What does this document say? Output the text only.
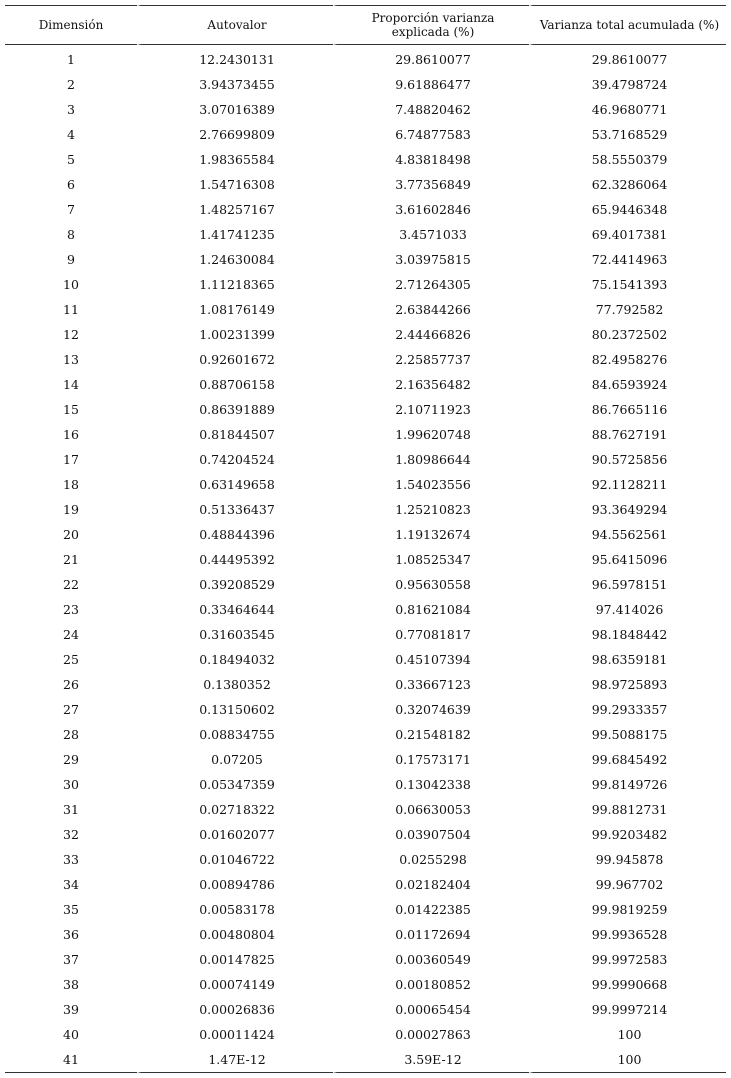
Dimensión	Autovalor	Proporción varianza explicada (%)	Varianza total acumulada (%)
1	12.2430131	29.8610077	29.8610077
2	3.94373455	9.61886477	39.4798724
3	3.07016389	7.48820462	46.9680771
4	2.76699809	6.74877583	53.7168529
5	1.98365584	4.83818498	58.5550379
6	1.54716308	3.77356849	62.3286064
7	1.48257167	3.61602846	65.9446348
8	1.41741235	3.4571033	69.4017381
9	1.24630084	3.03975815	72.4414963
10	1.11218365	2.71264305	75.1541393
11	1.08176149	2.63844266	77.792582
12	1.00231399	2.44466826	80.2372502
13	0.92601672	2.25857737	82.4958276
14	0.88706158	2.16356482	84.6593924
15	0.86391889	2.10711923	86.7665116
16	0.81844507	1.99620748	88.7627191
17	0.74204524	1.80986644	90.5725856
18	0.63149658	1.54023556	92.1128211
19	0.51336437	1.25210823	93.3649294
20	0.48844396	1.19132674	94.5562561
21	0.44495392	1.08525347	95.6415096
22	0.39208529	0.95630558	96.5978151
23	0.33464644	0.81621084	97.414026
24	0.31603545	0.77081817	98.1848442
25	0.18494032	0.45107394	98.6359181
26	0.1380352	0.33667123	98.9725893
27	0.13150602	0.32074639	99.2933357
28	0.08834755	0.21548182	99.5088175
29	0.07205	0.17573171	99.6845492
30	0.05347359	0.13042338	99.8149726
31	0.02718322	0.06630053	99.8812731
32	0.01602077	0.03907504	99.9203482
33	0.01046722	0.0255298	99.945878
34	0.00894786	0.02182404	99.967702
35	0.00583178	0.01422385	99.9819259
36	0.00480804	0.01172694	99.9936528
37	0.00147825	0.00360549	99.9972583
38	0.00074149	0.00180852	99.9990668
39	0.00026836	0.00065454	99.9997214
40	0.00011424	0.00027863	100
41	1.47E-12	3.59E-12	100
